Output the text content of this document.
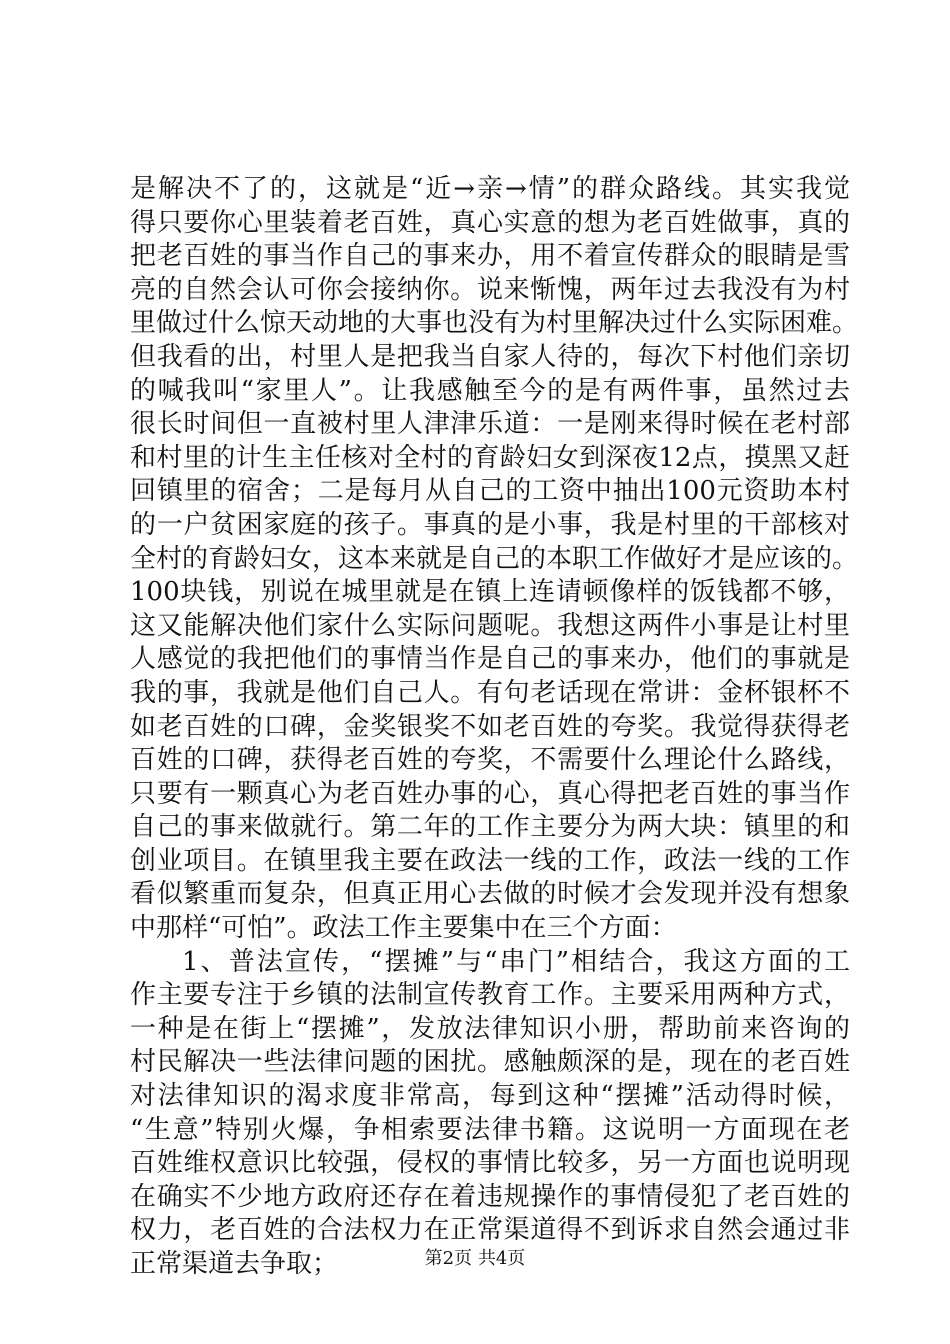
是解决不了的，这就是“近→亲→情”的群众路线。其实我觉
得只要你心里装着老百姓，真心实意的想为老百姓做事，真的
把老百姓的事当作自己的事来办，用不着宣传群众的眼睛是雪
亮的自然会认可你会接纳你。说来惭愧，两年过去我没有为村
里做过什么惊天动地的大事也没有为村里解决过什么实际困难。
但我看的出，村里人是把我当自家人待的，每次下村他们亲切
的喊我叫“家里人”。让我感触至今的是有两件事，虽然过去
很长时间但一直被村里人津津乐道：一是刚来得时候在老村部
和村里的计生主任核对全村的育龄妇女到深夜12点，摸黑又赶
回镇里的宿舍；二是每月从自己的工资中抽出100元资助本村
的一户贫困家庭的孩子。事真的是小事，我是村里的干部核对
全村的育龄妇女，这本来就是自己的本职工作做好才是应该的。
100块钱，别说在城里就是在镇上连请顿像样的饭钱都不够，
这又能解决他们家什么实际问题呢。我想这两件小事是让村里
人感觉的我把他们的事情当作是自己的事来办，他们的事就是
我的事，我就是他们自己人。有句老话现在常讲：金杯银杯不
如老百姓的口碑，金奖银奖不如老百姓的夸奖。我觉得获得老
百姓的口碑，获得老百姓的夸奖，不需要什么理论什么路线，
只要有一颗真心为老百姓办事的心，真心得把老百姓的事当作
自己的事来做就行。第二年的工作主要分为两大块：镇里的和
创业项目。在镇里我主要在政法一线的工作，政法一线的工作
看似繁重而复杂，但真正用心去做的时候才会发现并没有想象
中那样“可怕”。政法工作主要集中在三个方面：
1、普法宣传，“摆摊”与“串门”相结合，我这方面的工
作主要专注于乡镇的法制宣传教育工作。主要采用两种方式，
一种是在街上“摆摊”，发放法律知识小册，帮助前来咨询的
村民解决一些法律问题的困扰。感触颇深的是，现在的老百姓
对法律知识的渴求度非常高，每到这种“摆摊”活动得时候，
“生意”特别火爆，争相索要法律书籍。这说明一方面现在老
百姓维权意识比较强，侵权的事情比较多，另一方面也说明现
在确实不少地方政府还存在着违规操作的事情侵犯了老百姓的
权力，老百姓的合法权力在正常渠道得不到诉求自然会通过非
正常渠道去争取；	第2页 共4页
